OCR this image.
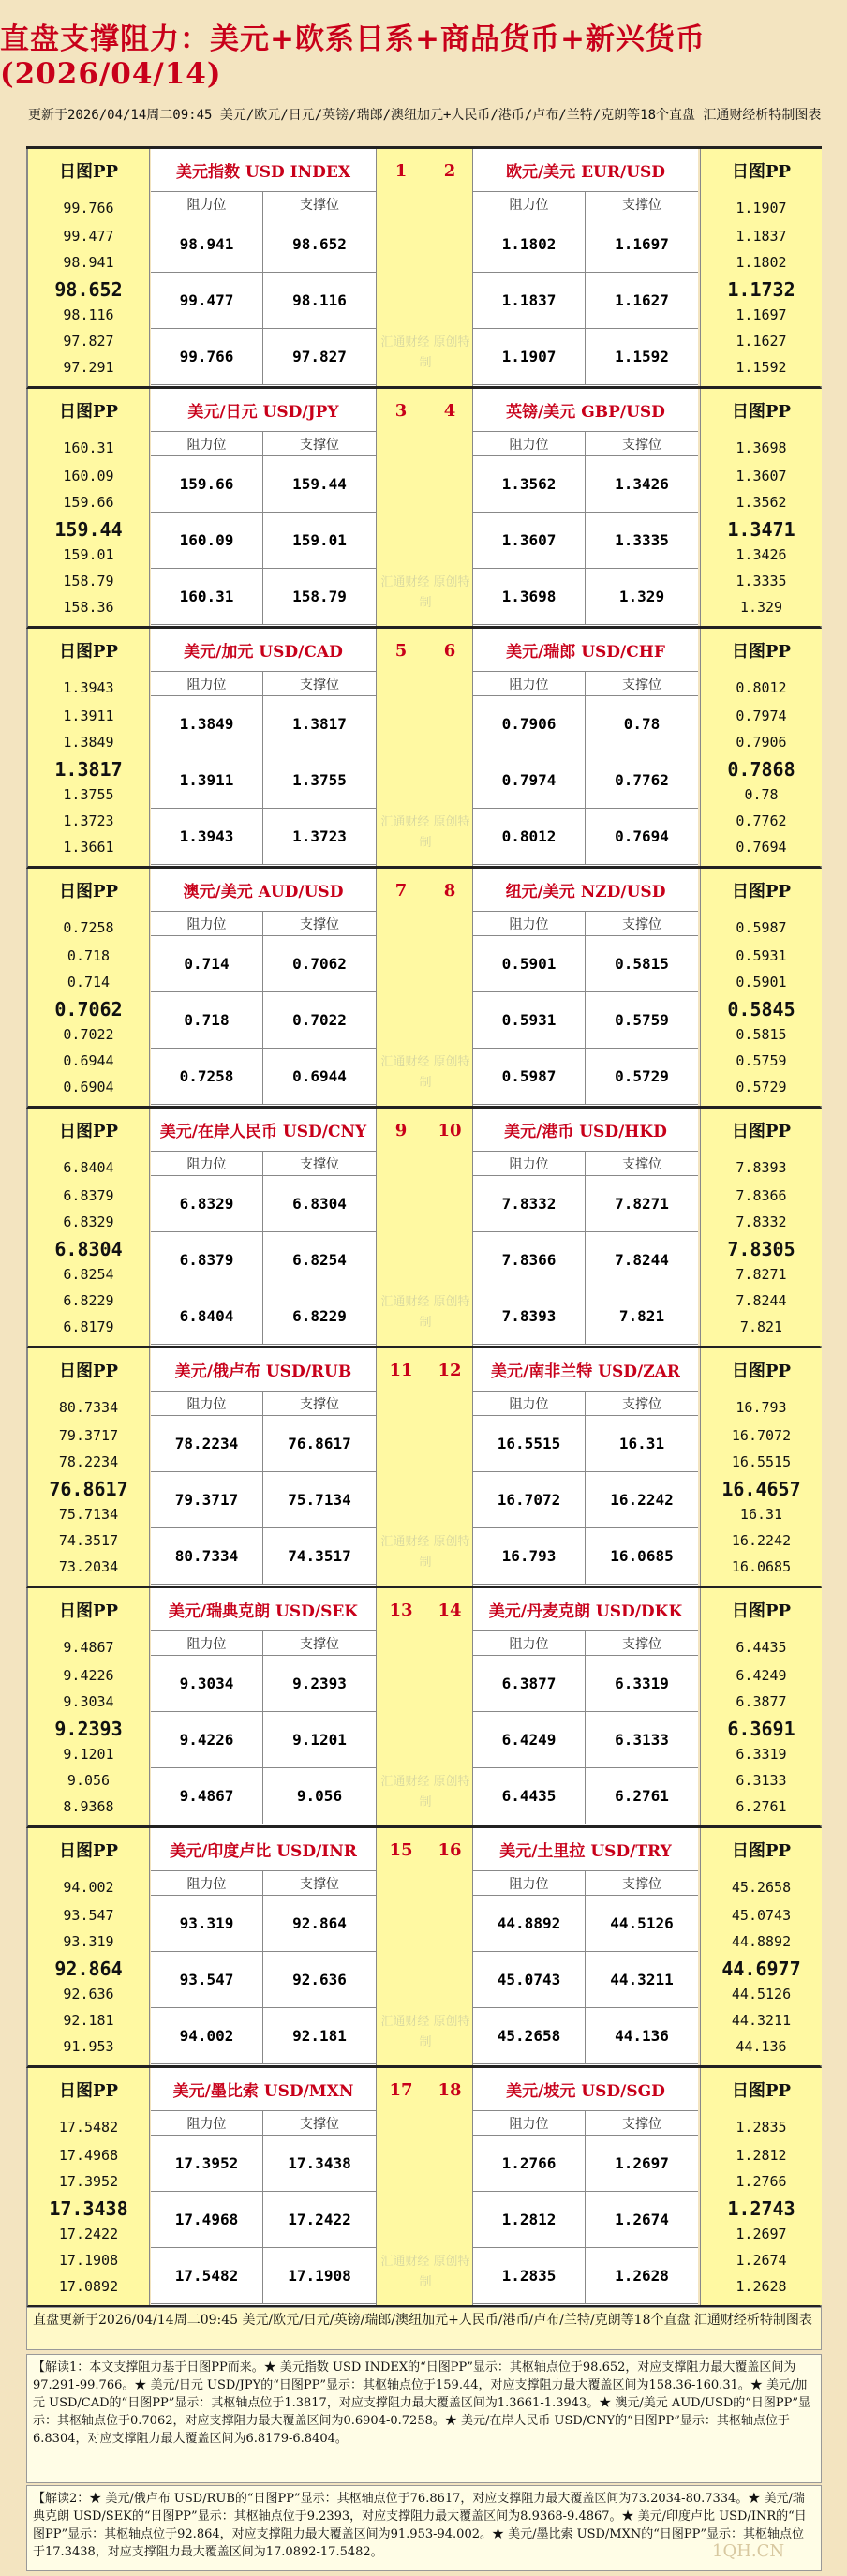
直盘支撑阻力：美元+欧系日系+商品货币+新兴货币(2026/04/14)
更新于2026/04/14周二09:45 美元/欧元/日元/英镑/瑞郎/澳纽加元+人民币/港币/卢布/兰特/克朗等18个直盘 汇通财经析特制图表
日图PP
99.766
99.477
98.941
98.652
98.116
97.827
97.291
美元指数 USD INDEX
阻力位	支撑位
98.941	98.652
99.477	98.116
99.766	97.827
日图PP
1.1907
1.1837
1.1802
1.1732
1.1697
1.1627
1.1592
欧元/美元 EUR/USD
阻力位	支撑位
1.1802	1.1697
1.1837	1.1627
1.1907	1.1592
1	2
汇通财经 原创特制
日图PP
160.31
160.09
159.66
159.44
159.01
158.79
158.36
美元/日元 USD/JPY
阻力位	支撑位
159.66	159.44
160.09	159.01
160.31	158.79
日图PP
1.3698
1.3607
1.3562
1.3471
1.3426
1.3335
1.329
英镑/美元 GBP/USD
阻力位	支撑位
1.3562	1.3426
1.3607	1.3335
1.3698	1.329
3	4
汇通财经 原创特制
日图PP
1.3943
1.3911
1.3849
1.3817
1.3755
1.3723
1.3661
美元/加元 USD/CAD
阻力位	支撑位
1.3849	1.3817
1.3911	1.3755
1.3943	1.3723
日图PP
0.8012
0.7974
0.7906
0.7868
0.78
0.7762
0.7694
美元/瑞郎 USD/CHF
阻力位	支撑位
0.7906	0.78
0.7974	0.7762
0.8012	0.7694
5	6
汇通财经 原创特制
日图PP
0.7258
0.718
0.714
0.7062
0.7022
0.6944
0.6904
澳元/美元 AUD/USD
阻力位	支撑位
0.714	0.7062
0.718	0.7022
0.7258	0.6944
日图PP
0.5987
0.5931
0.5901
0.5845
0.5815
0.5759
0.5729
纽元/美元 NZD/USD
阻力位	支撑位
0.5901	0.5815
0.5931	0.5759
0.5987	0.5729
7	8
汇通财经 原创特制
日图PP
6.8404
6.8379
6.8329
6.8304
6.8254
6.8229
6.8179
美元/在岸人民币 USD/CNY
阻力位	支撑位
6.8329	6.8304
6.8379	6.8254
6.8404	6.8229
日图PP
7.8393
7.8366
7.8332
7.8305
7.8271
7.8244
7.821
美元/港币 USD/HKD
阻力位	支撑位
7.8332	7.8271
7.8366	7.8244
7.8393	7.821
9	10
汇通财经 原创特制
日图PP
80.7334
79.3717
78.2234
76.8617
75.7134
74.3517
73.2034
美元/俄卢布 USD/RUB
阻力位	支撑位
78.2234	76.8617
79.3717	75.7134
80.7334	74.3517
日图PP
16.793
16.7072
16.5515
16.4657
16.31
16.2242
16.0685
美元/南非兰特 USD/ZAR
阻力位	支撑位
16.5515	16.31
16.7072	16.2242
16.793	16.0685
11	12
汇通财经 原创特制
日图PP
9.4867
9.4226
9.3034
9.2393
9.1201
9.056
8.9368
美元/瑞典克朗 USD/SEK
阻力位	支撑位
9.3034	9.2393
9.4226	9.1201
9.4867	9.056
日图PP
6.4435
6.4249
6.3877
6.3691
6.3319
6.3133
6.2761
美元/丹麦克朗 USD/DKK
阻力位	支撑位
6.3877	6.3319
6.4249	6.3133
6.4435	6.2761
13	14
汇通财经 原创特制
日图PP
94.002
93.547
93.319
92.864
92.636
92.181
91.953
美元/印度卢比 USD/INR
阻力位	支撑位
93.319	92.864
93.547	92.636
94.002	92.181
日图PP
45.2658
45.0743
44.8892
44.6977
44.5126
44.3211
44.136
美元/土里拉 USD/TRY
阻力位	支撑位
44.8892	44.5126
45.0743	44.3211
45.2658	44.136
15	16
汇通财经 原创特制
日图PP
17.5482
17.4968
17.3952
17.3438
17.2422
17.1908
17.0892
美元/墨比索 USD/MXN
阻力位	支撑位
17.3952	17.3438
17.4968	17.2422
17.5482	17.1908
日图PP
1.2835
1.2812
1.2766
1.2743
1.2697
1.2674
1.2628
美元/坡元 USD/SGD
阻力位	支撑位
1.2766	1.2697
1.2812	1.2674
1.2835	1.2628
17	18
汇通财经 原创特制
直盘更新于2026/04/14周二09:45 美元/欧元/日元/英镑/瑞郎/澳纽加元+人民币/港币/卢布/兰特/克朗等18个直盘 汇通财经析特制图表
【解读1：本文支撑阻力基于日图PP而来。★ 美元指数 USD INDEX的“日图PP”显示：其枢轴点位于98.652，对应支撑阻力最大覆盖区间为97.291-99.766。★ 美元/日元 USD/JPY的“日图PP”显示：其枢轴点位于159.44，对应支撑阻力最大覆盖区间为158.36-160.31。★ 美元/加元 USD/CAD的“日图PP”显示：其枢轴点位于1.3817，对应支撑阻力最大覆盖区间为1.3661-1.3943。★ 澳元/美元 AUD/USD的“日图PP”显示：其枢轴点位于0.7062，对应支撑阻力最大覆盖区间为0.6904-0.7258。★ 美元/在岸人民币 USD/CNY的“日图PP”显示：其枢轴点位于6.8304，对应支撑阻力最大覆盖区间为6.8179-6.8404。
【解读2：★ 美元/俄卢布 USD/RUB的“日图PP”显示：其枢轴点位于76.8617，对应支撑阻力最大覆盖区间为73.2034-80.7334。★ 美元/瑞典克朗 USD/SEK的“日图PP”显示：其枢轴点位于9.2393，对应支撑阻力最大覆盖区间为8.9368-9.4867。★ 美元/印度卢比 USD/INR的“日图PP”显示：其枢轴点位于92.864，对应支撑阻力最大覆盖区间为91.953-94.002。★ 美元/墨比索 USD/MXN的“日图PP”显示：其枢轴点位于17.3438，对应支撑阻力最大覆盖区间为17.0892-17.5482。	1QH.CN
